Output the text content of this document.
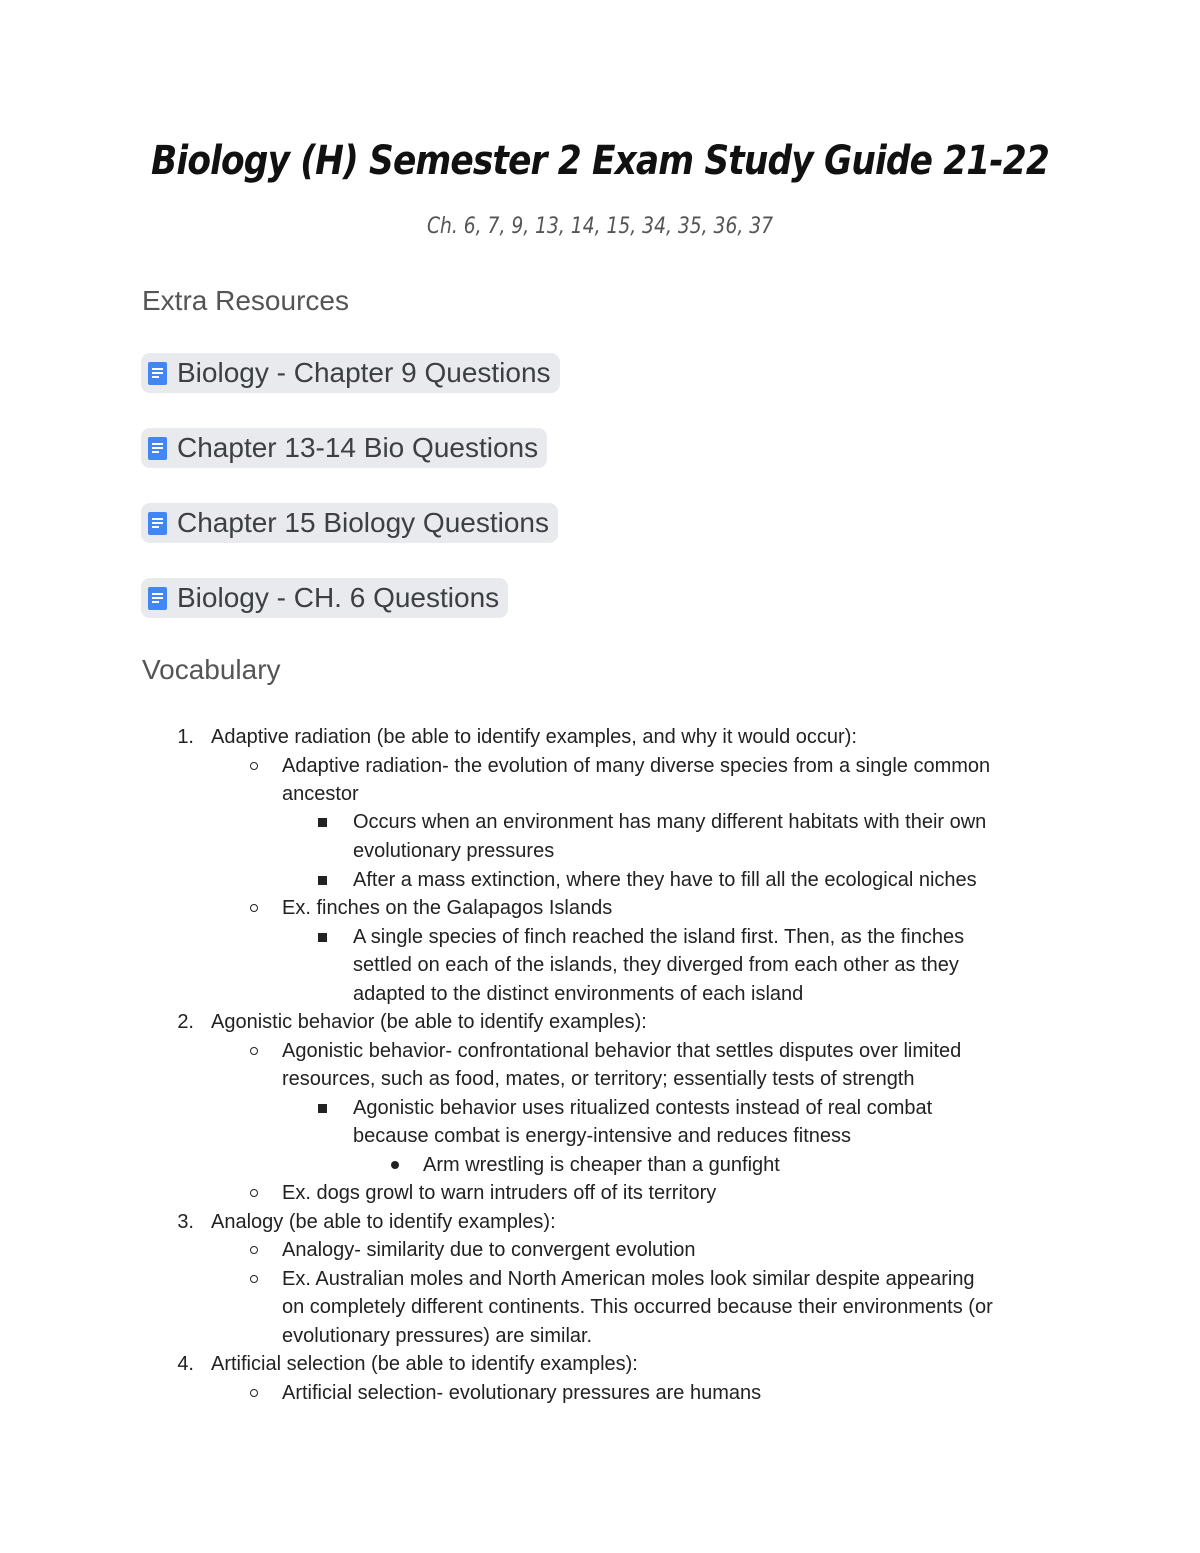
Biology (H) Semester 2 Exam Study Guide 21-22
Ch. 6, 7, 9, 13, 14, 15, 34, 35, 36, 37
Extra Resources
Biology - Chapter 9 Questions
Chapter 13-14 Bio Questions
Chapter 15 Biology Questions
Biology - CH. 6 Questions
Vocabulary
1. Adaptive radiation (be able to identify examples, and why it would occur):
Adaptive radiation- the evolution of many diverse species from a single common
ancestor
Occurs when an environment has many different habitats with their own
evolutionary pressures
After a mass extinction, where they have to fill all the ecological niches
Ex. finches on the Galapagos Islands
A single species of finch reached the island first. Then, as the finches
settled on each of the islands, they diverged from each other as they
adapted to the distinct environments of each island
2. Agonistic behavior (be able to identify examples):
Agonistic behavior- confrontational behavior that settles disputes over limited
resources, such as food, mates, or territory; essentially tests of strength
Agonistic behavior uses ritualized contests instead of real combat
because combat is energy-intensive and reduces fitness
Arm wrestling is cheaper than a gunfight
Ex. dogs growl to warn intruders off of its territory
3. Analogy (be able to identify examples):
Analogy- similarity due to convergent evolution
Ex. Australian moles and North American moles look similar despite appearing
on completely different continents. This occurred because their environments (or
evolutionary pressures) are similar.
4. Artificial selection (be able to identify examples):
Artificial selection- evolutionary pressures are humans
